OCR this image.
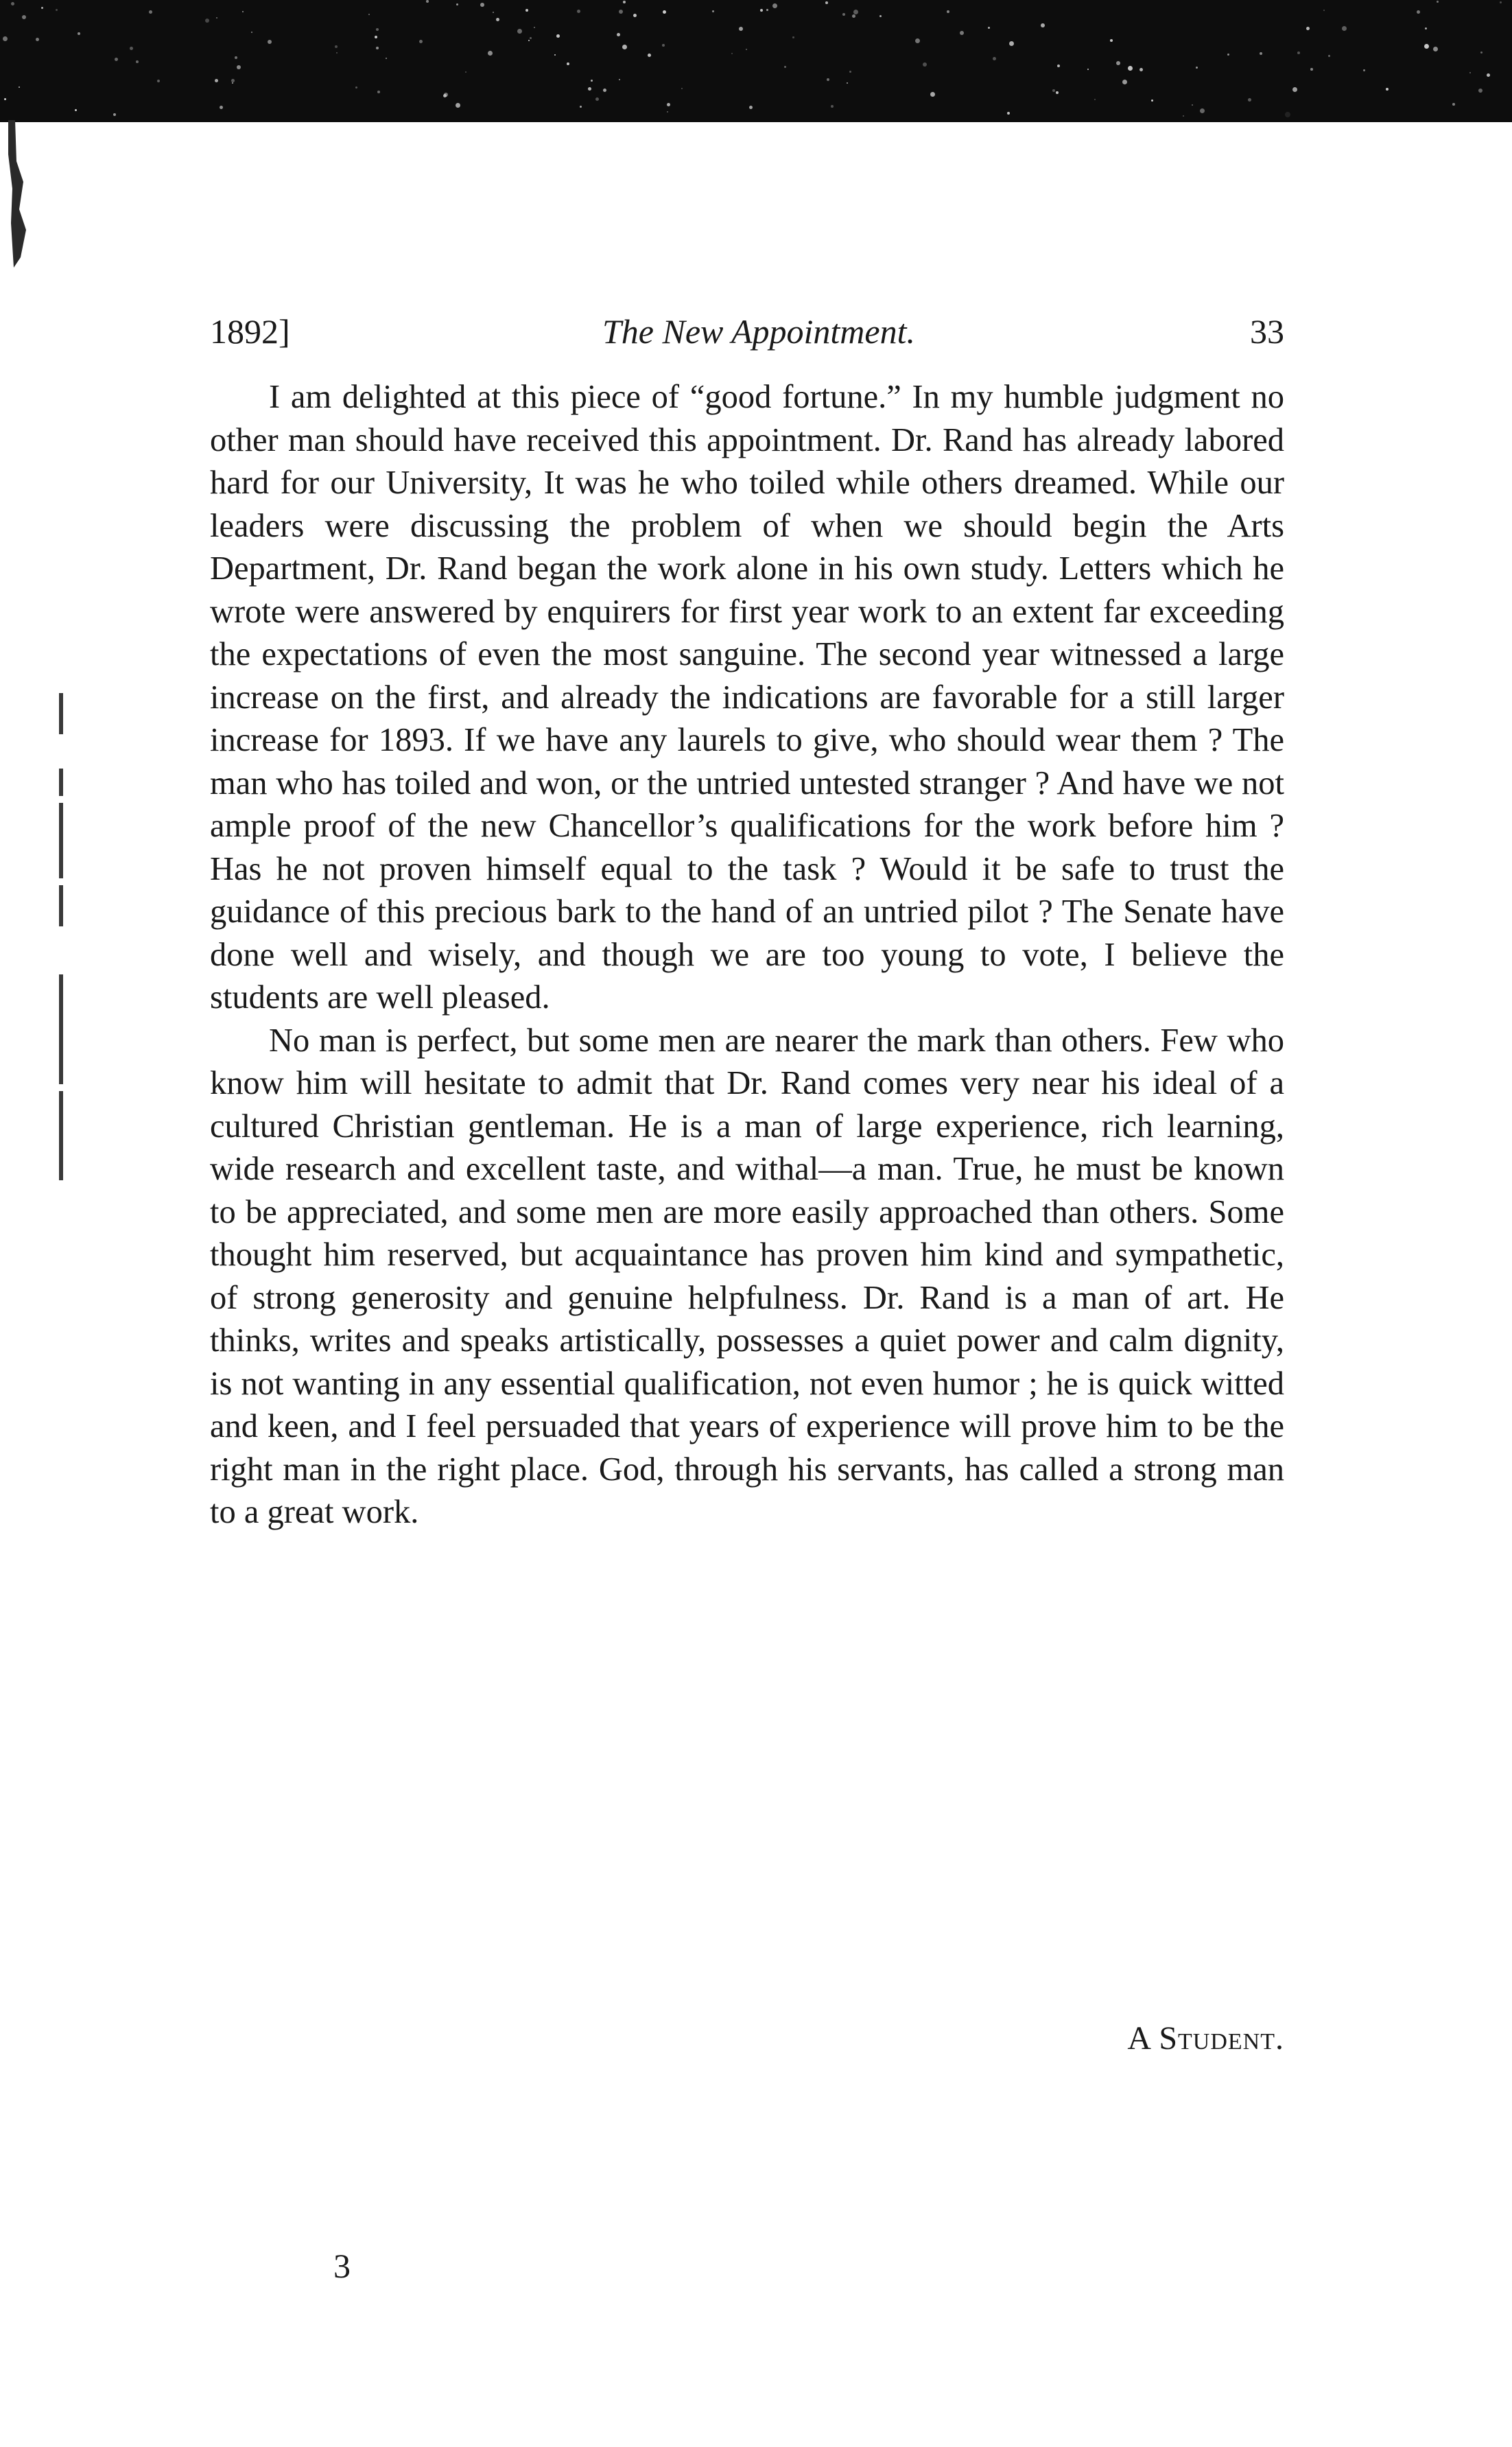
1892]	The New Appointment.	33

I am delighted at this piece of “good fortune.” In my humble judgment no other man should have received this appointment. Dr. Rand has already labored hard for our University, It was he who toiled while others dreamed. While our leaders were discussing the problem of when we should begin the Arts Department, Dr. Rand began the work alone in his own study. Letters which he wrote were answered by enquirers for first year work to an extent far exceeding the expectations of even the most sanguine. The second year witnessed a large increase on the first, and already the indications are favorable for a still larger increase for 1893. If we have any laurels to give, who should wear them ? The man who has toiled and won, or the untried untested stranger ? And have we not ample proof of the new Chancellor’s qualifications for the work before him ? Has he not proven himself equal to the task ? Would it be safe to trust the guidance of this precious bark to the hand of an untried pilot ? The Senate have done well and wisely, and though we are too young to vote, I believe the students are well pleased.

No man is perfect, but some men are nearer the mark than others. Few who know him will hesitate to admit that Dr. Rand comes very near his ideal of a cultured Christian gentleman. He is a man of large experience, rich learning, wide research and excellent taste, and withal—a man. True, he must be known to be appreciated, and some men are more easily approached than others. Some thought him reserved, but acquaintance has proven him kind and sympathetic, of strong generosity and genuine helpfulness. Dr. Rand is a man of art. He thinks, writes and speaks artistically, possesses a quiet power and calm dignity, is not wanting in any essential qualification, not even humor ; he is quick witted and keen, and I feel persuaded that years of experience will prove him to be the right man in the right place. God, through his servants, has called a strong man to a great work.

A Student.
3
